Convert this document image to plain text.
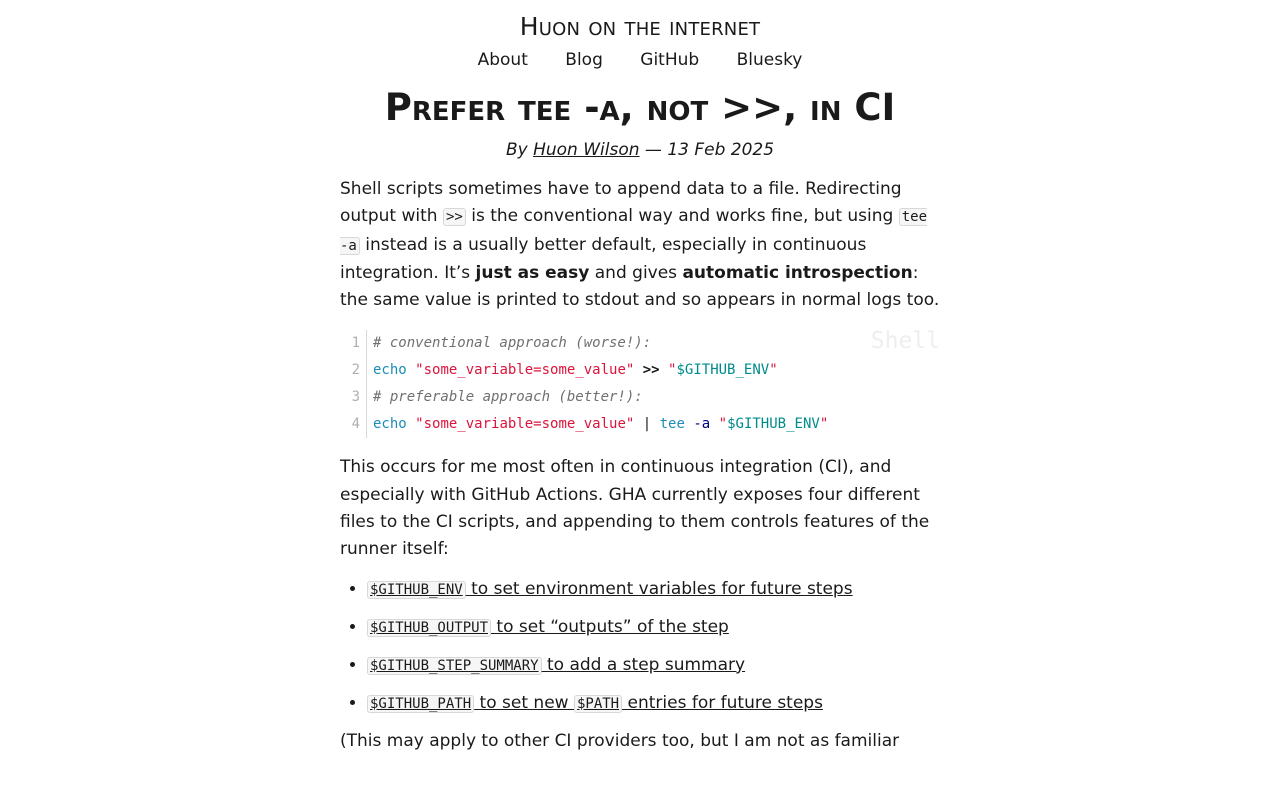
Huon on the internet
About Blog GitHub Bluesky
Prefer tee -a, not >>, in CI
By Huon Wilson — 13 Feb 2025

Shell scripts sometimes have to append data to a file. Redirecting output with >> is the conventional way and works fine, but using tee -a instead is a usually better default, especially in continuous integration. It’s just as easy and gives automatic introspection: the same value is printed to stdout and so appears in normal logs too.

Shell
1 # conventional approach (worse!):
2 echo "some_variable=some_value" >> "$GITHUB_ENV"
3 # preferable approach (better!):
4 echo "some_variable=some_value" | tee -a "$GITHUB_ENV"

This occurs for me most often in continuous integration (CI), and especially with GitHub Actions. GHA currently exposes four different files to the CI scripts, and appending to them controls features of the runner itself:

• $GITHUB_ENV to set environment variables for future steps
• $GITHUB_OUTPUT to set “outputs” of the step
• $GITHUB_STEP_SUMMARY to add a step summary
• $GITHUB_PATH to set new $PATH entries for future steps

(This may apply to other CI providers too, but I am not as familiar
